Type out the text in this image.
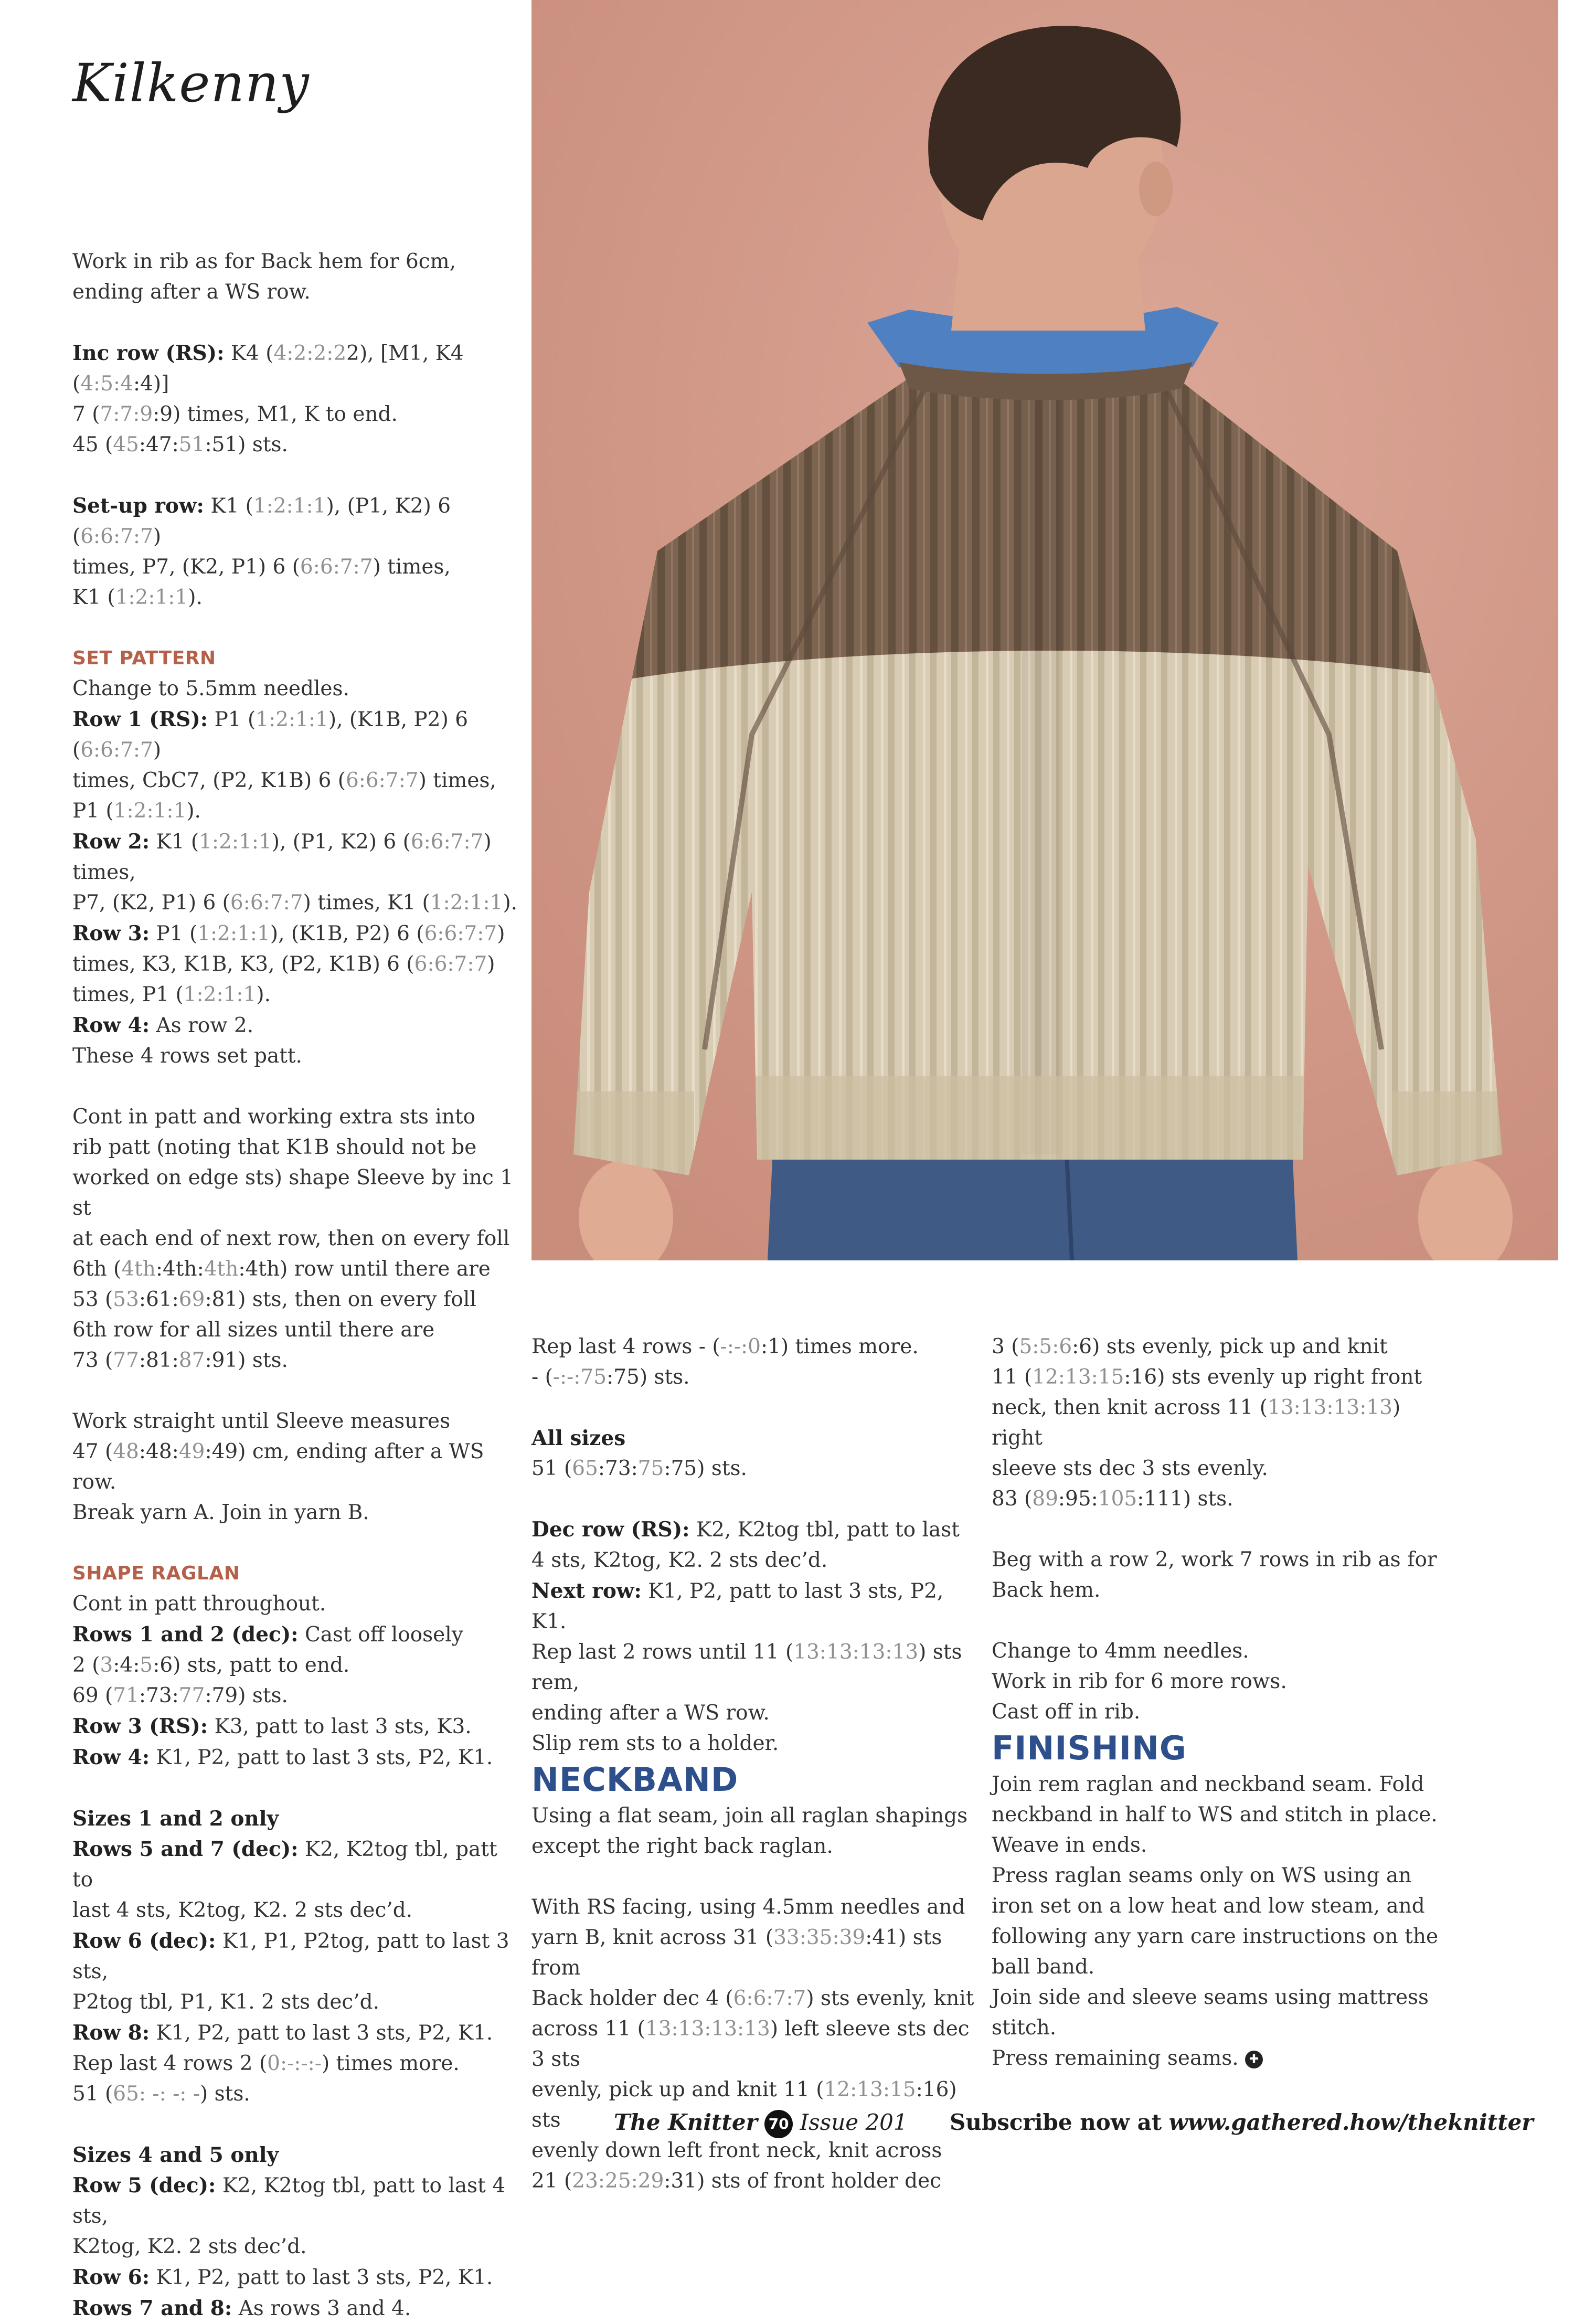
Kilkenny

Work in rib as for Back hem for 6cm, ending after a WS row.

Inc row (RS): K4 (4:2:2:22), [M1, K4 (4:5:4:4)]
7 (7:7:9:9) times, M1, K to end.
45 (45:47:51:51) sts.

Set-up row: K1 (1:2:1:1), (P1, K2) 6 (6:6:7:7)
times, P7, (K2, P1) 6 (6:6:7:7) times,
K1 (1:2:1:1).

SET PATTERN

Change to 5.5mm needles.

Row 1 (RS): P1 (1:2:1:1), (K1B, P2) 6 (6:6:7:7)
times, CbC7, (P2, K1B) 6 (6:6:7:7) times,
P1 (1:2:1:1).

Row 2: K1 (1:2:1:1), (P1, K2) 6 (6:6:7:7) times,
P7, (K2, P1) 6 (6:6:7:7) times, K1 (1:2:1:1).

Row 3: P1 (1:2:1:1), (K1B, P2) 6 (6:6:7:7)
times, K3, K1B, K3, (P2, K1B) 6 (6:6:7:7)
times, P1 (1:2:1:1).

Row 4: As row 2.

These 4 rows set patt.

Cont in patt and working extra sts into
rib patt (noting that K1B should not be
worked on edge sts) shape Sleeve by inc 1 st
at each end of next row, then on every foll
6th (4th:4th:4th:4th) row until there are
53 (53:61:69:81) sts, then on every foll
6th row for all sizes until there are
73 (77:81:87:91) sts.

Work straight until Sleeve measures
47 (48:48:49:49) cm, ending after a WS
row.
Break yarn A. Join in yarn B.

SHAPE RAGLAN

Cont in patt throughout.

Rows 1 and 2 (dec): Cast off loosely
2 (3:4:5:6) sts, patt to end.
69 (71:73:77:79) sts.

Row 3 (RS): K3, patt to last 3 sts, K3.

Row 4: K1, P2, patt to last 3 sts, P2, K1.

Sizes 1 and 2 only

Rows 5 and 7 (dec): K2, K2tog tbl, patt to
last 4 sts, K2tog, K2. 2 sts dec’d.

Row 6 (dec): K1, P1, P2tog, patt to last 3 sts,
P2tog tbl, P1, K1. 2 sts dec’d.

Row 8: K1, P2, patt to last 3 sts, P2, K1.

Rep last 4 rows 2 (0:-:-:-) times more.

51 (65: -: -: -) sts.

Sizes 4 and 5 only

Row 5 (dec): K2, K2tog tbl, patt to last 4 sts,
K2tog, K2. 2 sts dec’d.

Row 6: K1, P2, patt to last 3 sts, P2, K1.

Rows 7 and 8: As rows 3 and 4.

Rep last 4 rows - (-:-:0:1) times more.
- (-:-:75:75) sts.

All sizes

51 (65:73:75:75) sts.

Dec row (RS): K2, K2tog tbl, patt to last
4 sts, K2tog, K2. 2 sts dec’d.

Next row: K1, P2, patt to last 3 sts, P2, K1.

Rep last 2 rows until 11 (13:13:13:13) sts rem,
ending after a WS row.
Slip rem sts to a holder.

NECKBAND

Using a flat seam, join all raglan shapings
except the right back raglan.

With RS facing, using 4.5mm needles and
yarn B, knit across 31 (33:35:39:41) sts from
Back holder dec 4 (6:6:7:7) sts evenly, knit
across 11 (13:13:13:13) left sleeve sts dec 3 sts
evenly, pick up and knit 11 (12:13:15:16) sts
evenly down left front neck, knit across
21 (23:25:29:31) sts of front holder dec

3 (5:5:6:6) sts evenly, pick up and knit
11 (12:13:15:16) sts evenly up right front
neck, then knit across 11 (13:13:13:13) right
sleeve sts dec 3 sts evenly.
83 (89:95:105:111) sts.

Beg with a row 2, work 7 rows in rib as for
Back hem.

Change to 4mm needles.
Work in rib for 6 more rows.
Cast off in rib.

FINISHING

Join rem raglan and neckband seam. Fold
neckband in half to WS and stitch in place.
Weave in ends.
Press raglan seams only on WS using an
iron set on a low heat and low steam, and
following any yarn care instructions on the
ball band.
Join side and sleeve seams using mattress
stitch.
Press remaining seams. ✚

The Knitter 70 Issue 201 Subscribe now at www.gathered.how/theknitter
